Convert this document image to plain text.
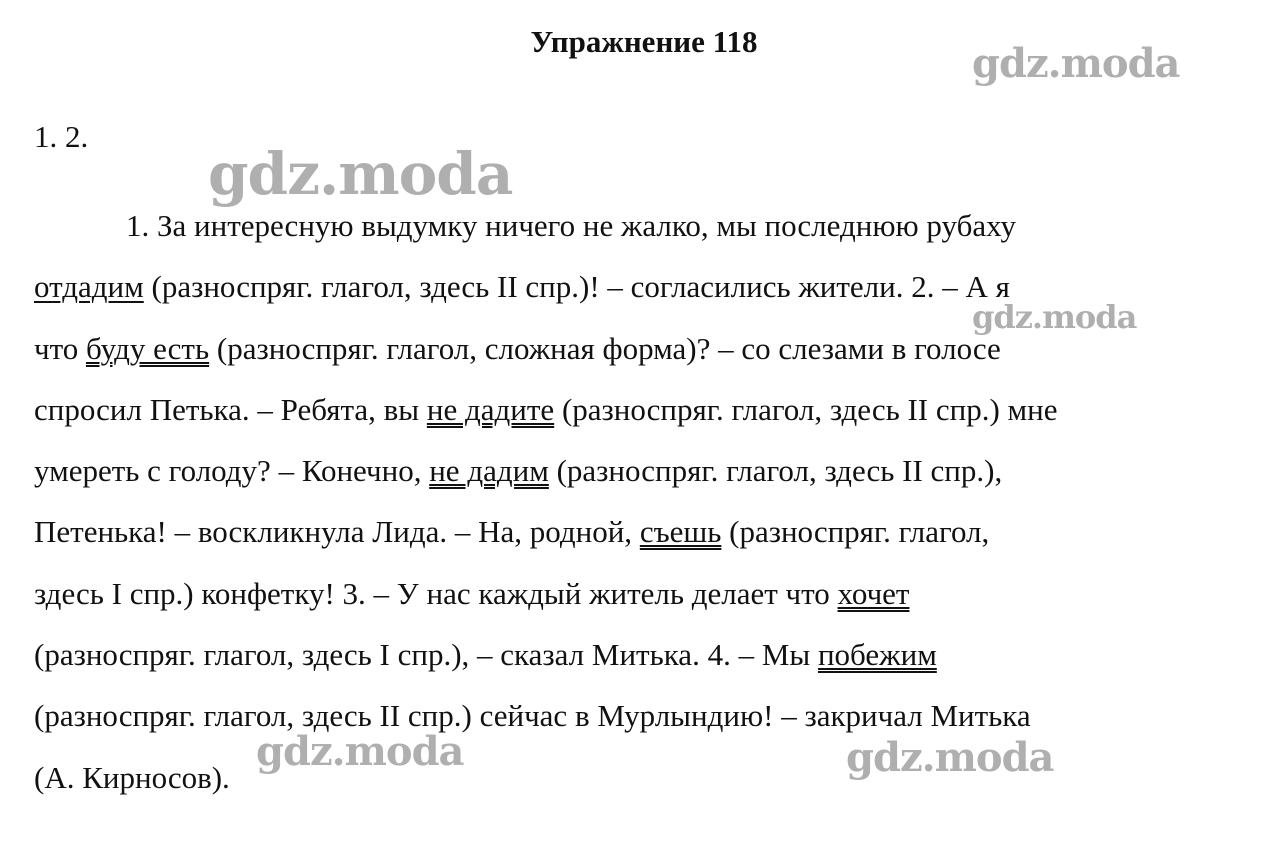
Упражнение 118
1. 2.
1. За интересную выдумку ничего не жалко, мы последнюю рубаху
отдадим (разноспряг. глагол, здесь II спр.)! – согласились жители. 2. – А я
что буду есть (разноспряг. глагол, сложная форма)? – со слезами в голосе
спросил Петька. – Ребята, вы не дадите (разноспряг. глагол, здесь II спр.) мне
умереть с голоду? – Конечно, не дадим (разноспряг. глагол, здесь II спр.),
Петенька! – воскликнула Лида. – На, родной, съешь (разноспряг. глагол,
здесь I спр.) конфетку! 3. – У нас каждый житель делает что хочет
(разноспряг. глагол, здесь I спр.), – сказал Митька. 4. – Мы побежим
(разноспряг. глагол, здесь II спр.) сейчас в Мурлындию! – закричал Митька
(А. Кирносов).
gdz.moda
gdz.moda
gdz.moda
gdz.moda	gdz.moda
